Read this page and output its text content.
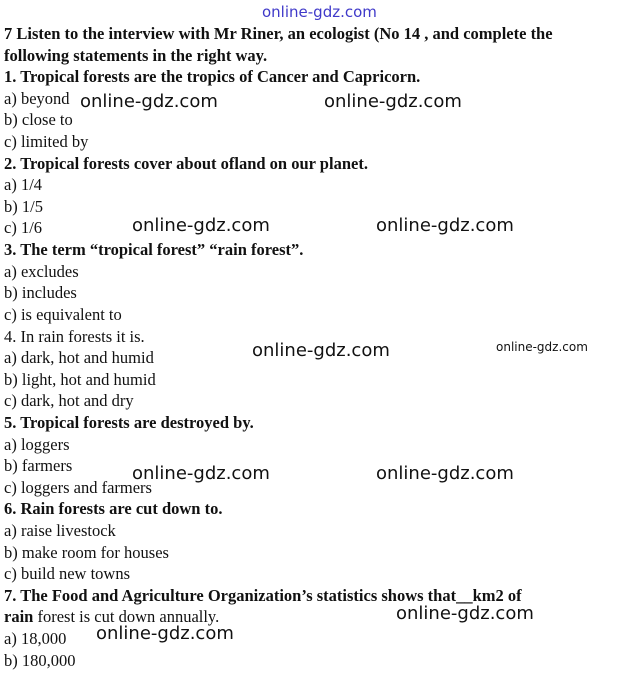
online-gdz.com
7 Listen to the interview with Mr Riner, an ecologist (No 14 , and complete the
following statements in the right way.
1. Tropical forests are the tropics of Cancer and Capricorn.
a) beyond
b) close to
c) limited by
2. Tropical forests cover about ofland on our planet.
a) 1/4
b) 1/5
c) 1/6
3. The term “tropical forest” “rain forest”.
a) excludes
b) includes
c) is equivalent to
4. In rain forests it is.
a) dark, hot and humid
b) light, hot and humid
c) dark, hot and dry
5. Tropical forests are destroyed by.
a) loggers
b) farmers
c) loggers and farmers
6. Rain forests are cut down to.
a) raise livestock
b) make room for houses
c) build new towns
7. The Food and Agriculture Organization’s statistics shows that__km2 of
rain forest is cut down annually.
a) 18,000
b) 180,000
online-gdz.com	online-gdz.com
online-gdz.com	online-gdz.com
online-gdz.com	online-gdz.com
online-gdz.com	online-gdz.com
online-gdz.com
online-gdz.com
